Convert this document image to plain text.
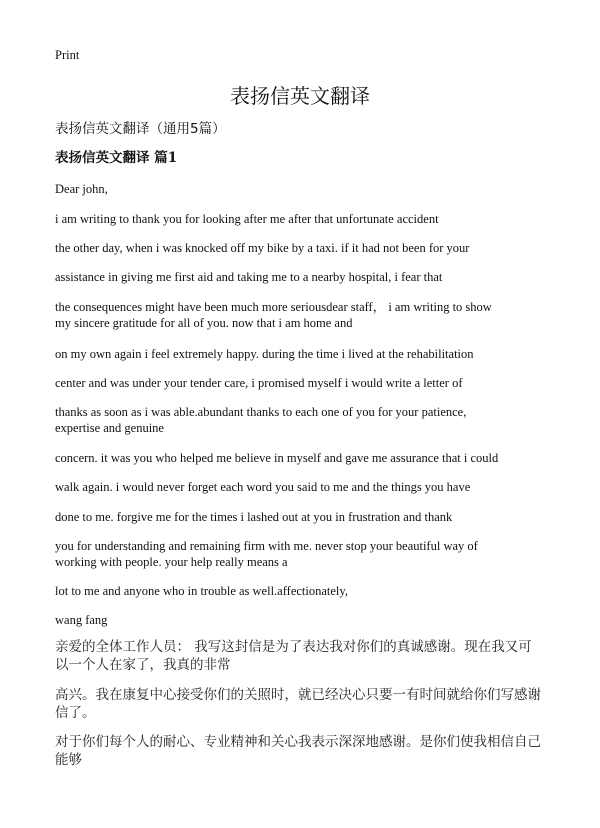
Print
表扬信英文翻译
表扬信英文翻译（通用5篇）
表扬信英文翻译 篇1
Dear john,
i am writing to thank you for looking after me after that unfortunate accident
the other day, when i was knocked off my bike by a taxi. if it had not been for your
assistance in giving me first aid and taking me to a nearby hospital, i fear that
the consequences might have been much more seriousdear staff， i am writing to show
my sincere gratitude for all of you. now that i am home and
on my own again i feel extremely happy. during the time i lived at the rehabilitation
center and was under your tender care, i promised myself i would write a letter of
thanks as soon as i was able.abundant thanks to each one of you for your patience,
expertise and genuine
concern. it was you who helped me believe in myself and gave me assurance that i could
walk again. i would never forget each word you said to me and the things you have
done to me. forgive me for the times i lashed out at you in frustration and thank
you for understanding and remaining firm with me. never stop your beautiful way of
working with people. your help really means a
lot to me and anyone who in trouble as well.affectionately,
wang fang
亲爱的全体工作人员： 我写这封信是为了表达我对你们的真诚感谢。现在我又可
以一个人在家了，我真的非常
高兴。我在康复中心接受你们的关照时，就已经决心只要一有时间就给你们写感谢
信了。
对于你们每个人的耐心、专业精神和关心我表示深深地感谢。是你们使我相信自己
能够
